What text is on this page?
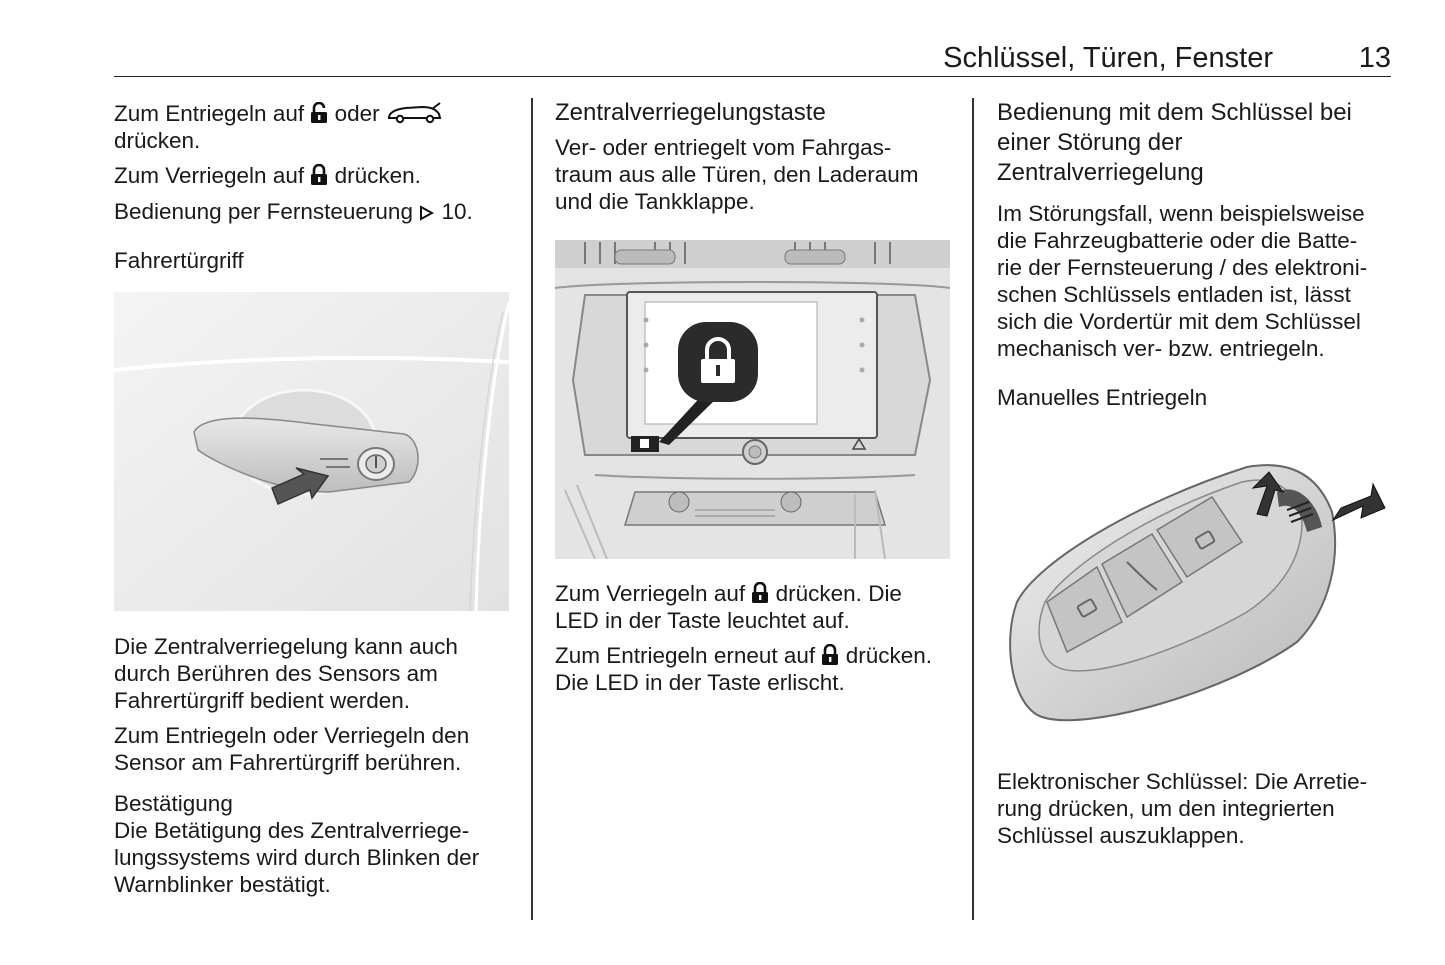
Schlüssel, Türen, Fenster	13

Zum Entriegeln auf oder
drücken.

Zum Verriegeln auf drücken.

Bedienung per Fernsteuerung 10.

Fahrertürgriff

Die Zentralverriegelung kann auch
durch Berühren des Sensors am
Fahrertürgriff bedient werden.

Zum Entriegeln oder Verriegeln den
Sensor am Fahrertürgriff berühren.

Bestätigung

Die Betätigung des Zentralverriege-
lungssystems wird durch Blinken der
Warnblinker bestätigt.

Zentralverriegelungstaste

Ver- oder entriegelt vom Fahrgas-
traum aus alle Türen, den Laderaum
und die Tankklappe.

Zum Verriegeln auf drücken. Die
LED in der Taste leuchtet auf.

Zum Entriegeln erneut auf drücken.
Die LED in der Taste erlischt.

Bedienung mit dem Schlüssel bei
einer Störung der
Zentralverriegelung

Im Störungsfall, wenn beispielsweise
die Fahrzeugbatterie oder die Batte-
rie der Fernsteuerung / des elektroni-
schen Schlüssels entladen ist, lässt
sich die Vordertür mit dem Schlüssel
mechanisch ver- bzw. entriegeln.

Manuelles Entriegeln

Elektronischer Schlüssel: Die Arretie-
rung drücken, um den integrierten
Schlüssel auszuklappen.
